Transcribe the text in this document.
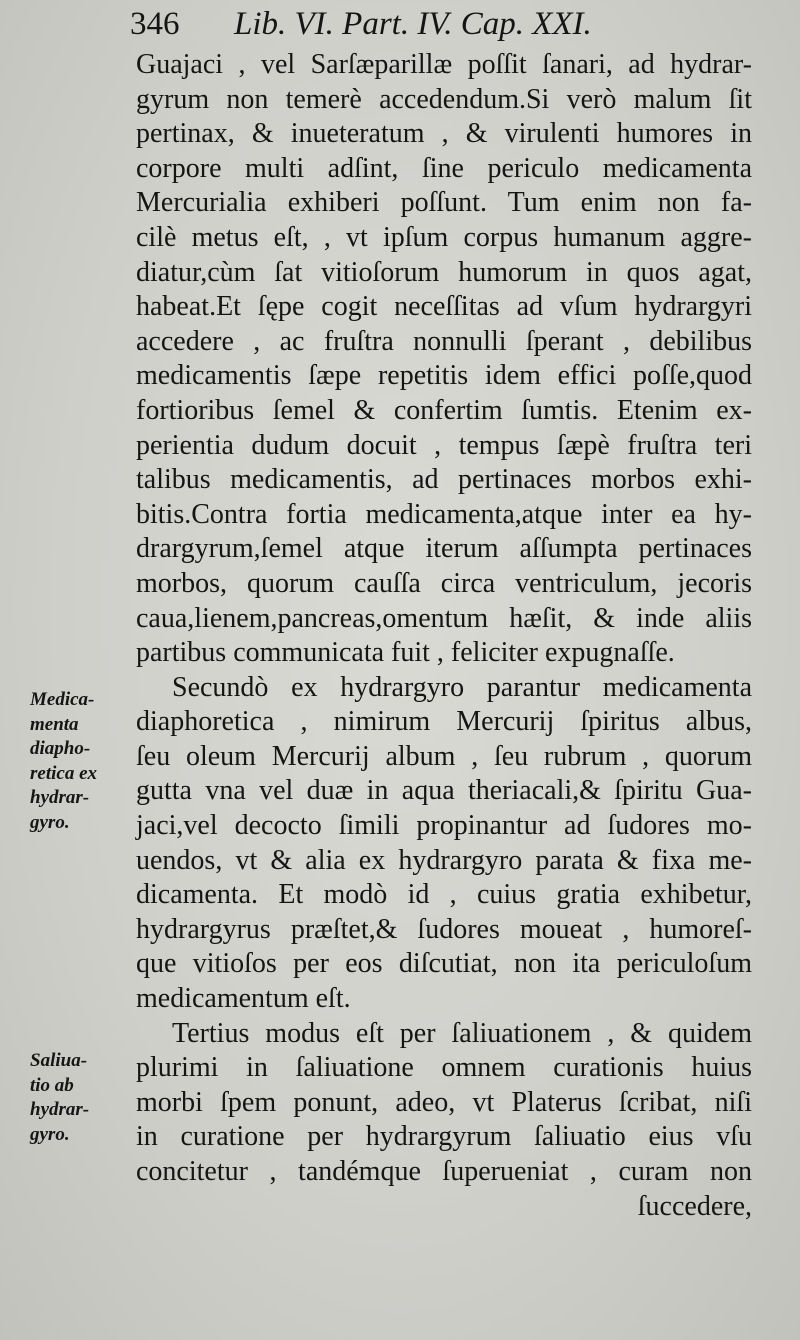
346 Lib. VI. Part. IV. Cap. XXI.
Guajaci , vel Sarſæparillæ poſſit ſanari, ad hydrar-
gyrum non temerè accedendum.Si verò malum ſit
pertinax, & inueteratum , & virulenti humores in
corpore multi adſint, ſine periculo medicamenta
Mercurialia exhiberi poſſunt. Tum enim non fa-
cilè metus eſt, , vt ipſum corpus humanum aggre-
diatur,cùm ſat vitioſorum humorum in quos agat,
habeat.Et ſępe cogit neceſſitas ad vſum hydrargyri
accedere , ac fruſtra nonnulli ſperant , debilibus
medicamentis ſæpe repetitis idem effici poſſe,quod
fortioribus ſemel & confertim ſumtis. Etenim ex-
perientia dudum docuit , tempus ſæpè fruſtra teri
talibus medicamentis, ad pertinaces morbos exhi-
bitis.Contra fortia medicamenta,atque inter ea hy-
drargyrum,ſemel atque iterum aſſumpta pertinaces
morbos, quorum cauſſa circa ventriculum, jecoris
caua,lienem,pancreas,omentum hæſit, & inde aliis
partibus communicata fuit , feliciter expugnaſſe.
Secundò ex hydrargyro parantur medicamenta
diaphoretica , nimirum Mercurij ſpiritus albus,
ſeu oleum Mercurij album , ſeu rubrum , quorum
gutta vna vel duæ in aqua theriacali,& ſpiritu Gua-
jaci,vel decocto ſimili propinantur ad ſudores mo-
uendos, vt & alia ex hydrargyro parata & fixa me-
dicamenta. Et modò id , cuius gratia exhibetur,
hydrargyrus præſtet,& ſudores moueat , humoreſ-
que vitioſos per eos diſcutiat, non ita periculoſum
medicamentum eſt.
Tertius modus eſt per ſaliuationem , & quidem
plurimi in ſaliuatione omnem curationis huius
morbi ſpem ponunt, adeo, vt Platerus ſcribat, niſi
in curatione per hydrargyrum ſaliuatio eius vſu
concitetur , tandémque ſuperueniat , curam non
ſuccedere,
Medica-
menta
diapho-
retica ex
hydrar-
gyro.
Saliua-
tio ab
hydrar-
gyro.
